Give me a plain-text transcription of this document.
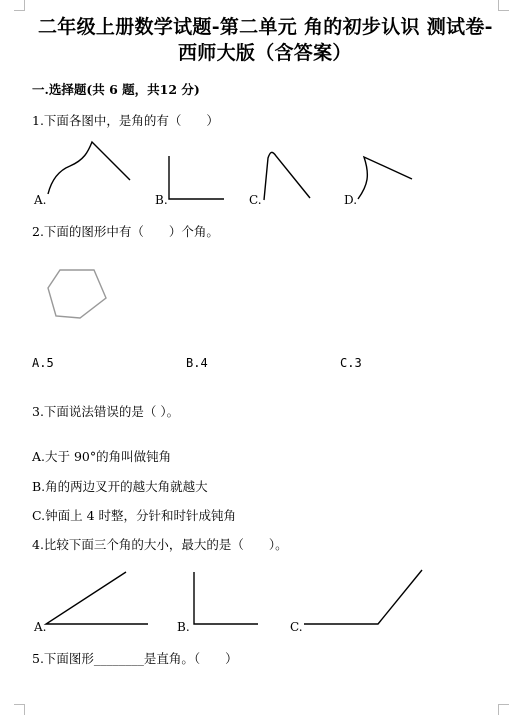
二年级上册数学试题-第二单元 角的初步认识 测试卷-
西师大版（含答案）
一.选择题(共 6 题，共12 分)
1.下面各图中，是角的有（　　）
A.	B.	C.	D.
2.下面的图形中有（　　）个角。
A.5	B.4	C.3
3.下面说法错误的是（ ）。
A.大于 90°的角叫做钝角
B.角的两边叉开的越大角就越大
C.钟面上 4 时整，分针和时针成钝角
4.比较下面三个角的大小，最大的是（　　）。
A.	B.	C.
5.下面图形________是直角。（　　）
